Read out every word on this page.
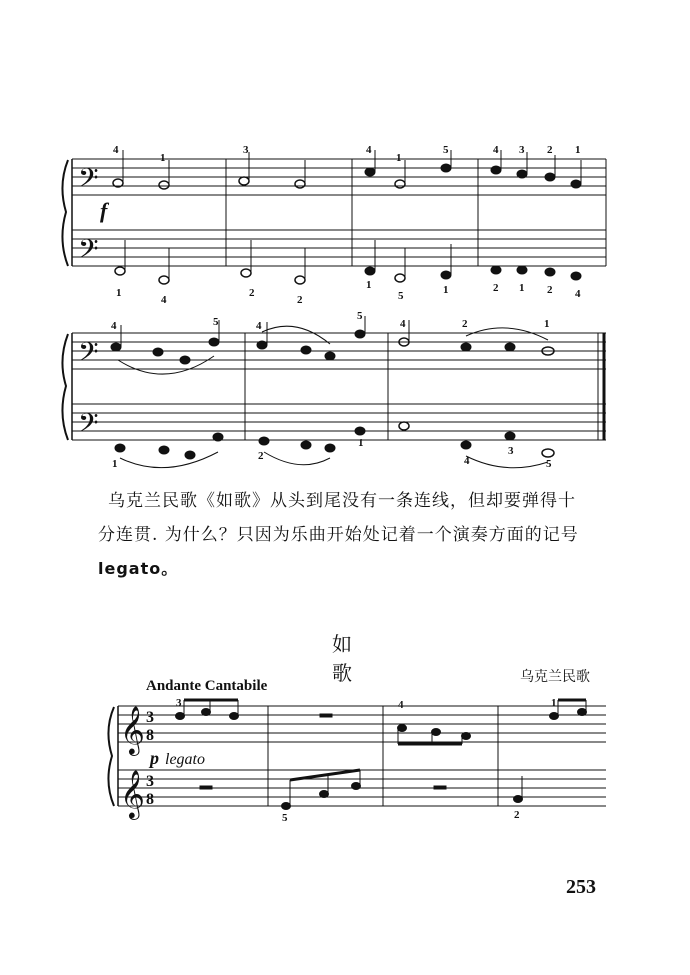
𝄢
𝄢
𝄢
𝄢
𝄞
𝄞
3
8
3
8
4
1
3	4
1
5	4 3 2 1
1
4
2
2
1
5	1	2 1 2 4
4	5	4
5
4	2	1
1
2
1
4
3
5
3	4	1
5	2
f

乌克兰民歌《如歌》从头到尾没有一条连线，但却要弹得十

分连贯. 为什么？只因为乐曲开始处记着一个演奏方面的记号

legato。

如 歌	乌克兰民歌
Andante Cantabile
p legato
253
